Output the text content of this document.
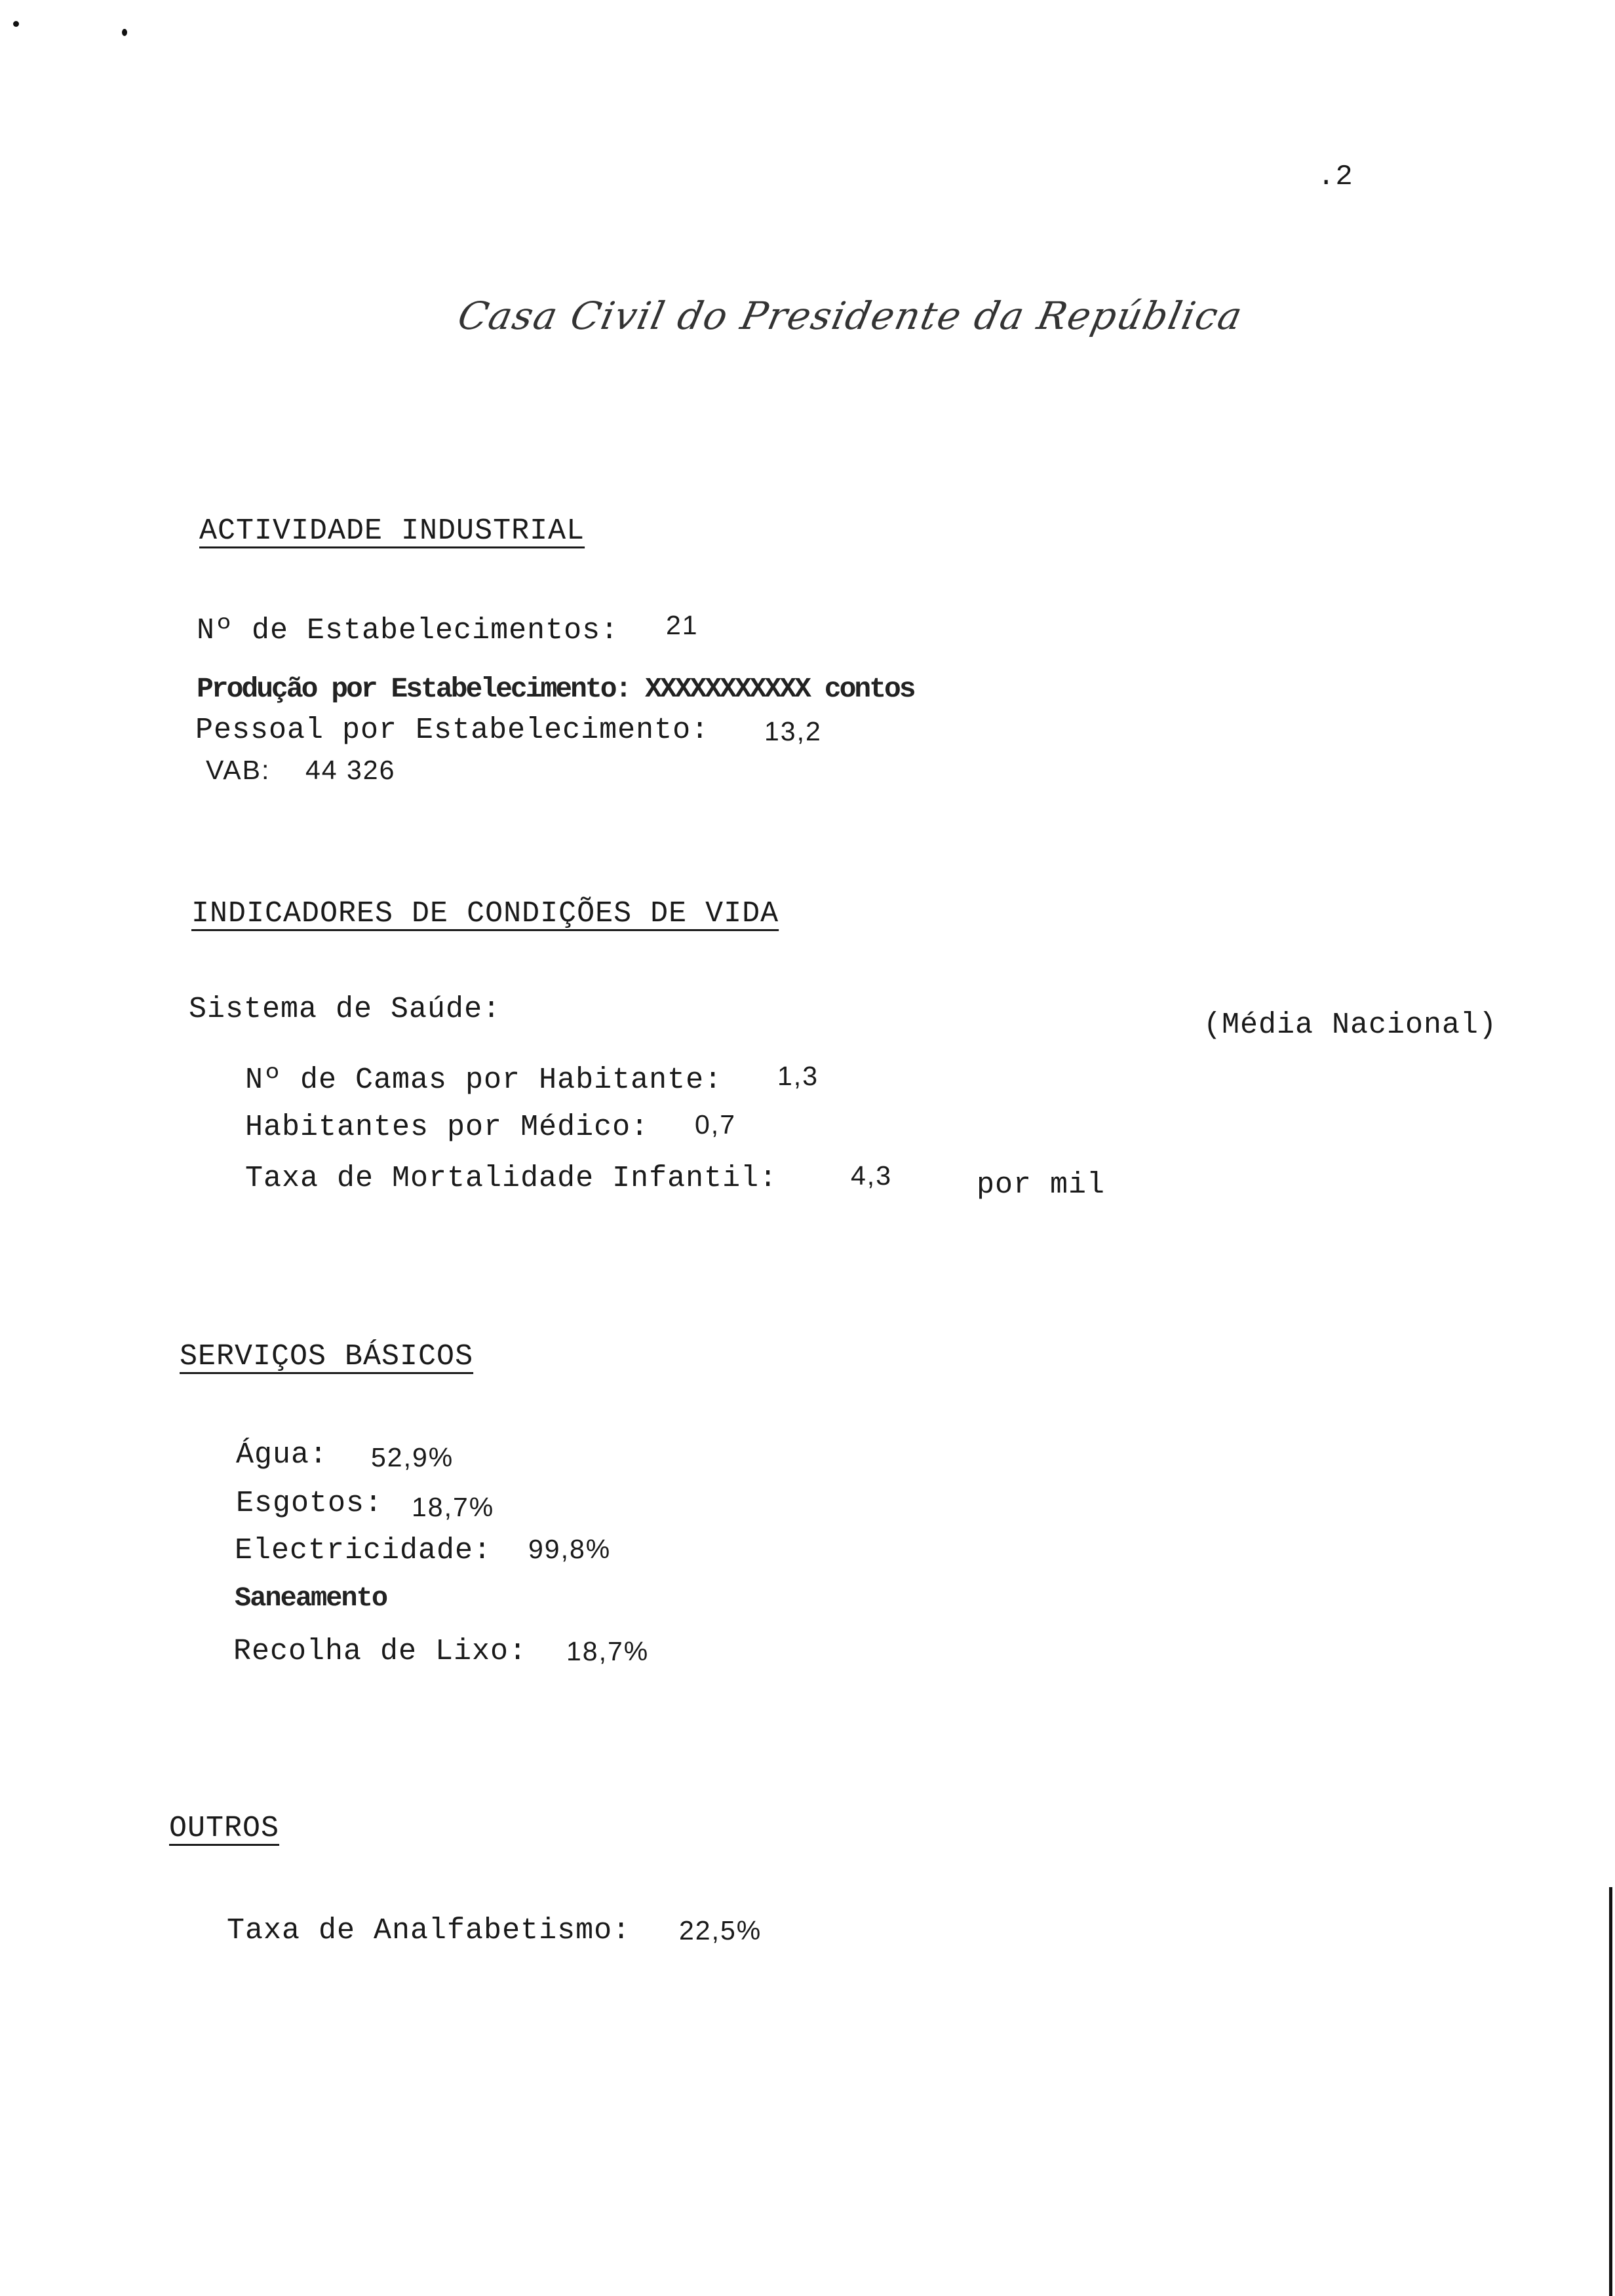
.2
Casa Civil do Presidente da República
ACTIVIDADE INDUSTRIAL
Nº de Estabelecimentos: 21
Produção por Estabelecimento: XXXXXXXXXXX contos
Pessoal por Estabelecimento: 13,2
VAB: 44 326
INDICADORES DE CONDIÇÕES DE VIDA
Sistema de Saúde:	(Média Nacional)
Nº de Camas por Habitante: 1,3
Habitantes por Médico: 0,7
Taxa de Mortalidade Infantil:	4,3	por mil
SERVIÇOS BÁSICOS
Água: 52,9%
Esgotos: 18,7%
Electricidade: 99,8%
Saneamento
Recolha de Lixo: 18,7%
OUTROS
Taxa de Analfabetismo: 22,5%
